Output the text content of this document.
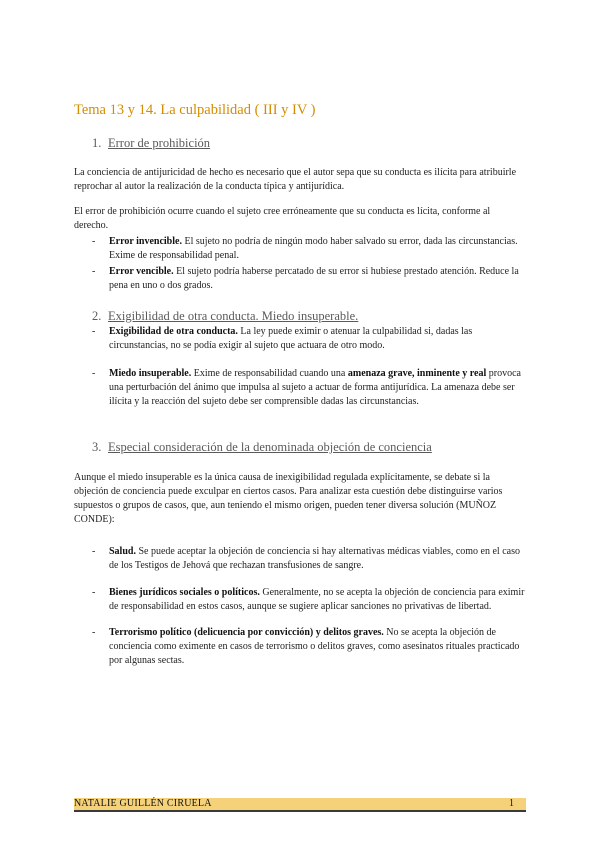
Tema 13 y 14. La culpabilidad ( III y IV )
1. Error de prohibición

La conciencia de antijuricidad de hecho es necesario que el autor sepa que su conducta es ilícita para atribuirle reprochar al autor la realización de la conducta típica y antijurídica.

El error de prohibición ocurre cuando el sujeto cree erróneamente que su conducta es lícita, conforme al derecho.

- Error invencible. El sujeto no podría de ningún modo haber salvado su error, dada las circunstancias. Exime de responsabilidad penal.
- Error vencible. El sujeto podría haberse percatado de su error si hubiese prestado atención. Reduce la pena en uno o dos grados.
2. Exigibilidad de otra conducta. Miedo insuperable.
- Exigibilidad de otra conducta. La ley puede eximir o atenuar la culpabilidad si, dadas las circunstancias, no se podía exigir al sujeto que actuara de otro modo.
- Miedo insuperable. Exime de responsabilidad cuando una amenaza grave, inminente y real provoca una perturbación del ánimo que impulsa al sujeto a actuar de forma antijurídica. La amenaza debe ser ilícita y la reacción del sujeto debe ser comprensible dadas las circunstancias.
3. Especial consideración de la denominada objeción de conciencia

Aunque el miedo insuperable es la única causa de inexigibilidad regulada explícitamente, se debate si la objeción de conciencia puede exculpar en ciertos casos. Para analizar esta cuestión debe distinguirse varios supuestos o grupos de casos, que, aun teniendo el mismo origen, pueden tener diversa solución (MUÑOZ CONDE):

- Salud. Se puede aceptar la objeción de conciencia si hay alternativas médicas viables, como en el caso de los Testigos de Jehová que rechazan transfusiones de sangre.
- Bienes jurídicos sociales o políticos. Generalmente, no se acepta la objeción de conciencia para eximir de responsabilidad en estos casos, aunque se sugiere aplicar sanciones no privativas de libertad.
- Terrorismo político (delicuencia por convicción) y delitos graves. No se acepta la objeción de conciencia como eximente en casos de terrorismo o delitos graves, como asesinatos rituales practicado por algunas sectas.
NATALIE GUILLÉN CIRUELA	1
